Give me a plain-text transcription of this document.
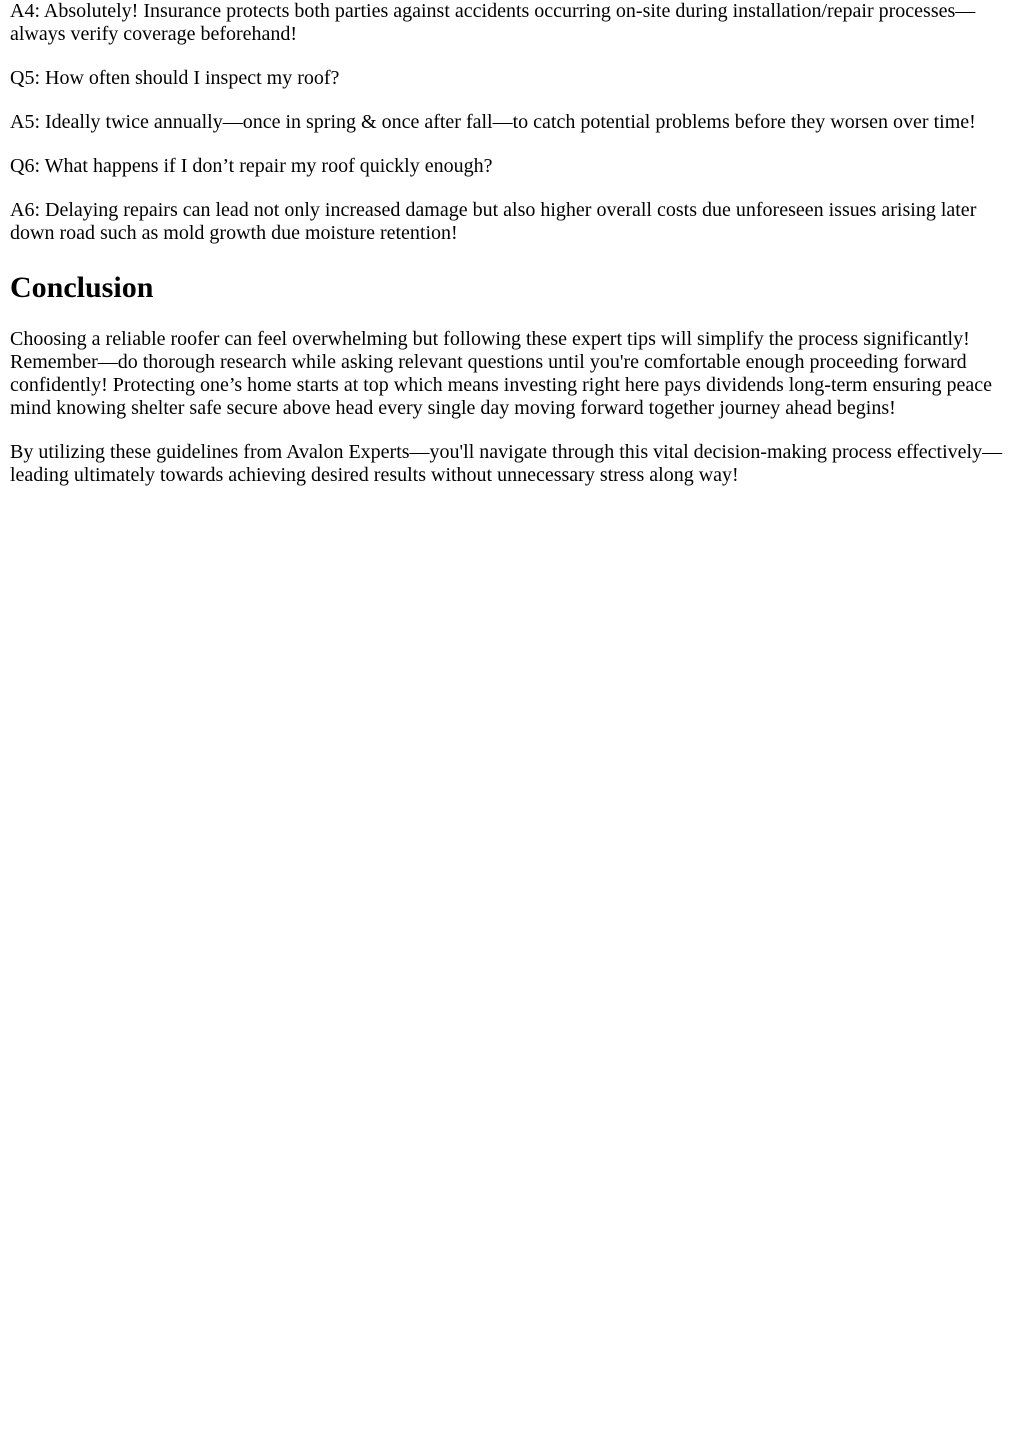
A4: Absolutely! Insurance protects both parties against accidents occurring on-site during installation/repair processes—always verify coverage beforehand!

Q5: How often should I inspect my roof?

A5: Ideally twice annually—once in spring & once after fall—to catch potential problems before they worsen over time!

Q6: What happens if I don’t repair my roof quickly enough?

A6: Delaying repairs can lead not only increased damage but also higher overall costs due unforeseen issues arising later down road such as mold growth due moisture retention!

Conclusion

Choosing a reliable roofer can feel overwhelming but following these expert tips will simplify the process significantly! Remember—do thorough research while asking relevant questions until you're comfortable enough proceeding forward confidently! Protecting one’s home starts at top which means investing right here pays dividends long-term ensuring peace mind knowing shelter safe secure above head every single day moving forward together journey ahead begins!

By utilizing these guidelines from Avalon Experts—you'll navigate through this vital decision-making process effectively—leading ultimately towards achieving desired results without unnecessary stress along way!
